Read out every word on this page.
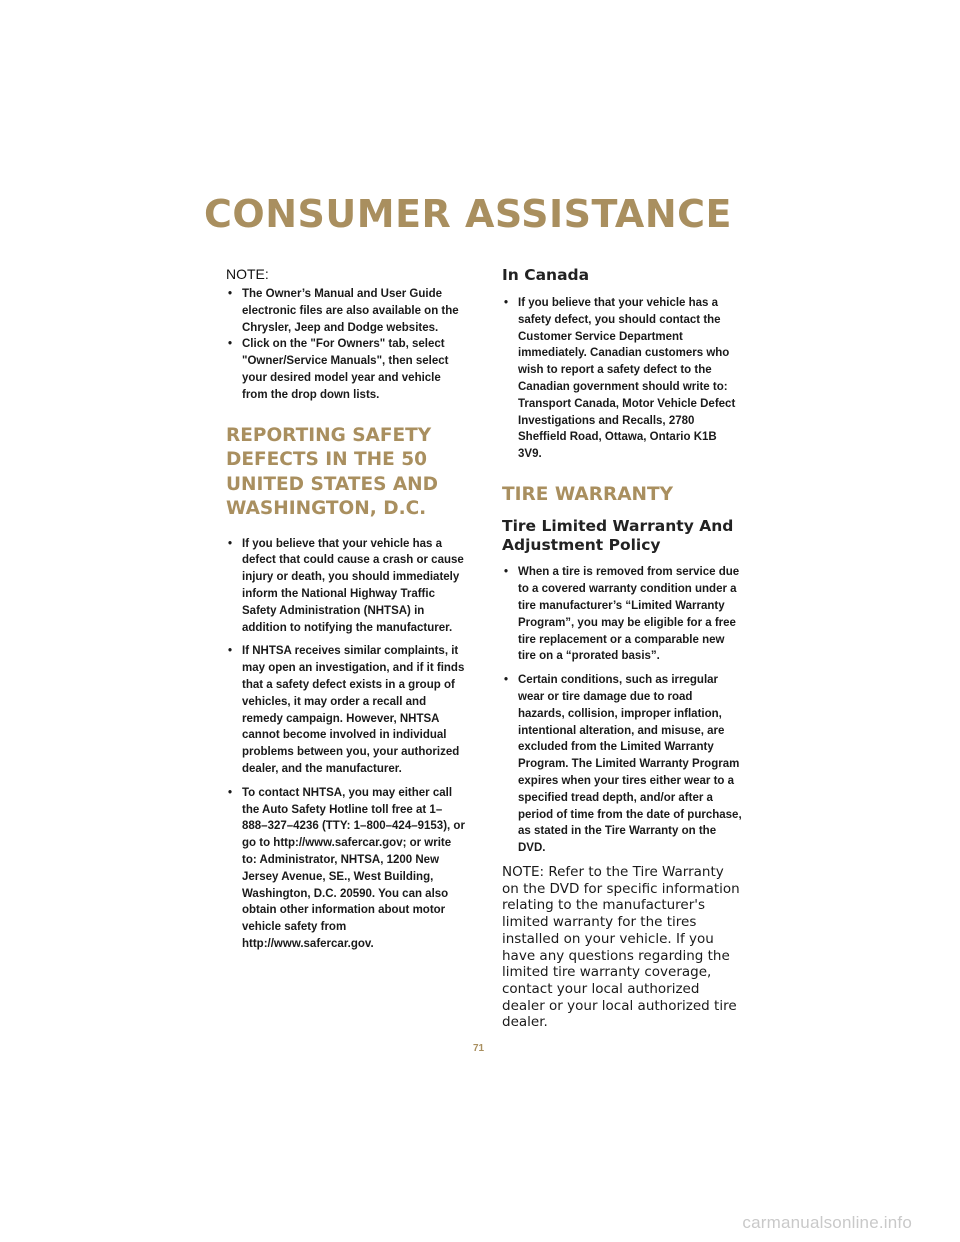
CONSUMER ASSISTANCE

NOTE:

• The Owner’s Manual and User Guide electronic files are also available on the Chrysler, Jeep and Dodge websites.
• Click on the "For Owners" tab, select "Owner/Service Manuals", then select your desired model year and vehicle from the drop down lists.
REPORTING SAFETY DEFECTS IN THE 50 UNITED STATES AND WASHINGTON, D.C.
• If you believe that your vehicle has a defect that could cause a crash or cause injury or death, you should immediately inform the National Highway Traffic Safety Administration (NHTSA) in addition to notifying the manufacturer.
• If NHTSA receives similar complaints, it may open an investigation, and if it finds that a safety defect exists in a group of vehicles, it may order a recall and remedy campaign. However, NHTSA cannot become involved in individual problems between you, your authorized dealer, and the manufacturer.
• To contact NHTSA, you may either call the Auto Safety Hotline toll free at 1–888–327–4236 (TTY: 1–800–424–9153), or go to http://www.safercar.gov; or write to: Administrator, NHTSA, 1200 New Jersey Avenue, SE., West Building, Washington, D.C. 20590. You can also obtain other information about motor vehicle safety from http://www.safercar.gov.
In Canada
• If you believe that your vehicle has a safety defect, you should contact the Customer Service Department immediately. Canadian customers who wish to report a safety defect to the Canadian government should write to: Transport Canada, Motor Vehicle Defect Investigations and Recalls, 2780 Sheffield Road, Ottawa, Ontario K1B 3V9.
TIRE WARRANTY
Tire Limited Warranty And Adjustment Policy
• When a tire is removed from service due to a covered warranty condition under a tire manufacturer’s “Limited Warranty Program”, you may be eligible for a free tire replacement or a comparable new tire on a “prorated basis”.
• Certain conditions, such as irregular wear or tire damage due to road hazards, collision, improper inflation, intentional alteration, and misuse, are excluded from the Limited Warranty Program. The Limited Warranty Program expires when your tires either wear to a specified tread depth, and/or after a period of time from the date of purchase, as stated in the Tire Warranty on the DVD.

NOTE: Refer to the Tire Warranty on the DVD for specific information relating to the manufacturer's limited warranty for the tires installed on your vehicle. If you have any questions regarding the limited tire warranty coverage, contact your local authorized dealer or your local authorized tire dealer.

71
carmanualsonline.info
